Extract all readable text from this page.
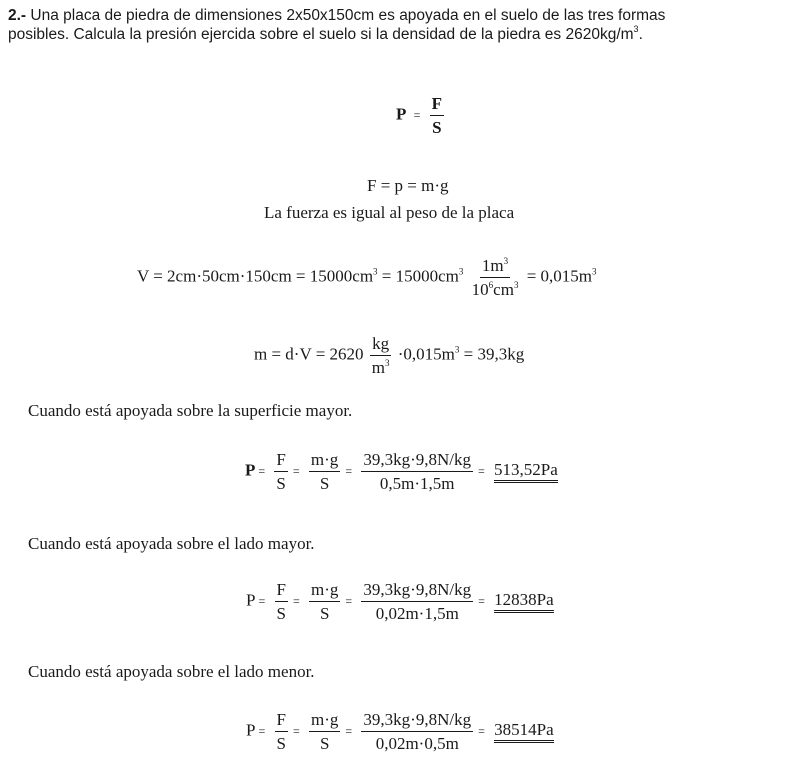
2.- Una placa de piedra de dimensiones 2x50x150cm es apoyada en el suelo de las tres formas posibles. Calcula la presión ejercida sobre el suelo si la densidad de la piedra es $2620kg/m^3$.
$P = \frac{F}{S}$
F = p = m·g
La fuerza es igual al peso de la placa
$V = 2cm\cdot 50cm\cdot 150cm = 15000cm^3 = 15000cm^3 \frac{1m^3}{10^6cm^3} = 0,015m^3$
$m = d\cdot V = 2620 \frac{kg}{m^3} \cdot 0,015m^3 = 39,3kg$
Cuando está apoyada sobre la superficie mayor.
$P = \frac{F}{S} = \frac{m\cdot g}{S} = \frac{39,3kg\cdot 9,8N/kg}{0,5m\cdot 1,5m} = 513,52Pa$
Cuando está apoyada sobre el lado mayor.
$P = \frac{F}{S} = \frac{m\cdot g}{S} = \frac{39,3kg\cdot 9,8N/kg}{0,02m\cdot 1,5m} = 12838Pa$
Cuando está apoyada sobre el lado menor.
$P = \frac{F}{S} = \frac{m\cdot g}{S} = \frac{39,3kg\cdot 9,8N/kg}{0,02m\cdot 0,5m} = 38514Pa$
